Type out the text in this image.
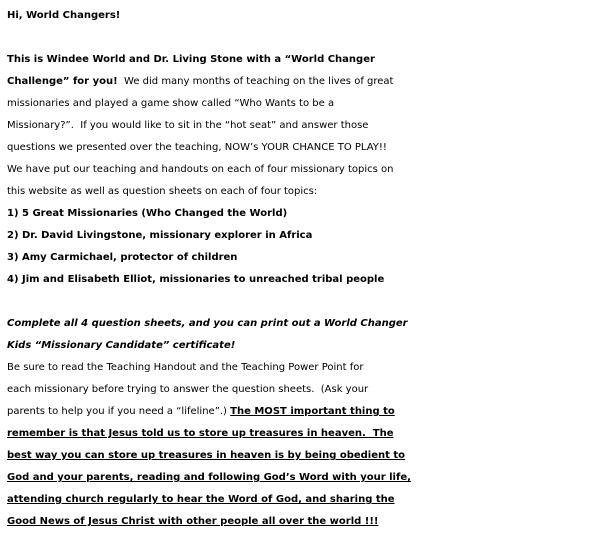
Hi, World Changers!
This is Windee World and Dr. Living Stone with a “World Changer
Challenge” for you!  We did many months of teaching on the lives of great
missionaries and played a game show called “Who Wants to be a
Missionary?”.  If you would like to sit in the “hot seat” and answer those
questions we presented over the teaching, NOW’s YOUR CHANCE TO PLAY!!
We have put our teaching and handouts on each of four missionary topics on
this website as well as question sheets on each of four topics:
1) 5 Great Missionaries (Who Changed the World)
2) Dr. David Livingstone, missionary explorer in Africa
3) Amy Carmichael, protector of children
4) Jim and Elisabeth Elliot, missionaries to unreached tribal people
Complete all 4 question sheets, and you can print out a World Changer
Kids “Missionary Candidate” certificate!
Be sure to read the Teaching Handout and the Teaching Power Point for
each missionary before trying to answer the question sheets.  (Ask your
parents to help you if you need a “lifeline”.) The MOST important thing to
remember is that Jesus told us to store up treasures in heaven.  The
best way you can store up treasures in heaven is by being obedient to
God and your parents, reading and following God’s Word with your life,
attending church regularly to hear the Word of God, and sharing the
Good News of Jesus Christ with other people all over the world !!!
